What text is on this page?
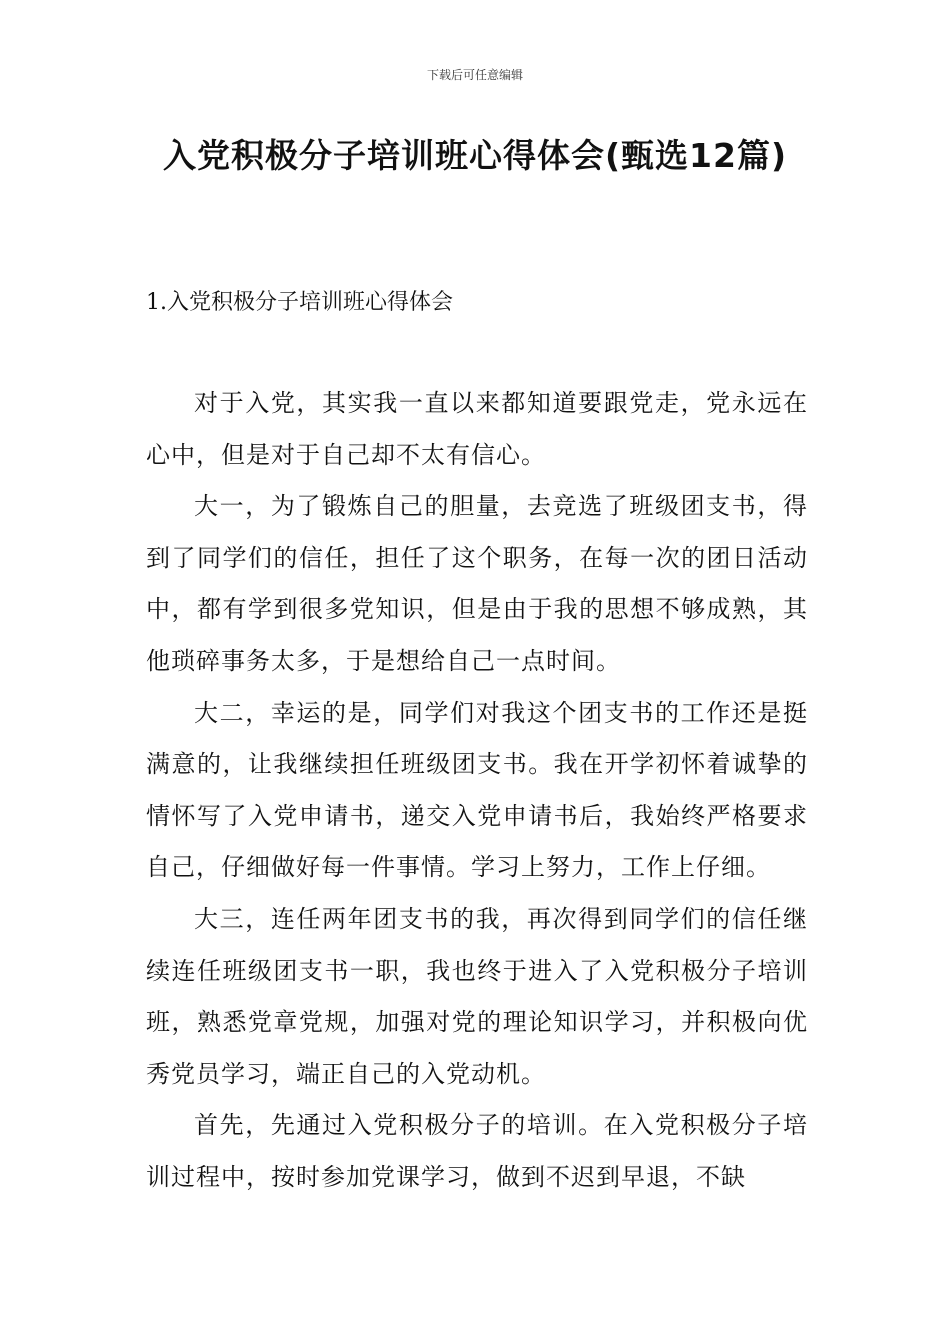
下载后可任意编辑
入党积极分子培训班心得体会(甄选12篇)
1.入党积极分子培训班心得体会

对于入党，其实我一直以来都知道要跟党走，党永远在心中，但是对于自己却不太有信心。

大一，为了锻炼自己的胆量，去竞选了班级团支书，得到了同学们的信任，担任了这个职务，在每一次的团日活动中，都有学到很多党知识，但是由于我的思想不够成熟，其他琐碎事务太多，于是想给自己一点时间。

大二，幸运的是，同学们对我这个团支书的工作还是挺满意的，让我继续担任班级团支书。我在开学初怀着诚挚的情怀写了入党申请书，递交入党申请书后，我始终严格要求自己，仔细做好每一件事情。学习上努力，工作上仔细。

大三，连任两年团支书的我，再次得到同学们的信任继续连任班级团支书一职，我也终于进入了入党积极分子培训班，熟悉党章党规，加强对党的理论知识学习，并积极向优秀党员学习，端正自己的入党动机。

首先，先通过入党积极分子的培训。在入党积极分子培训过程中，按时参加党课学习，做到不迟到早退，不缺
